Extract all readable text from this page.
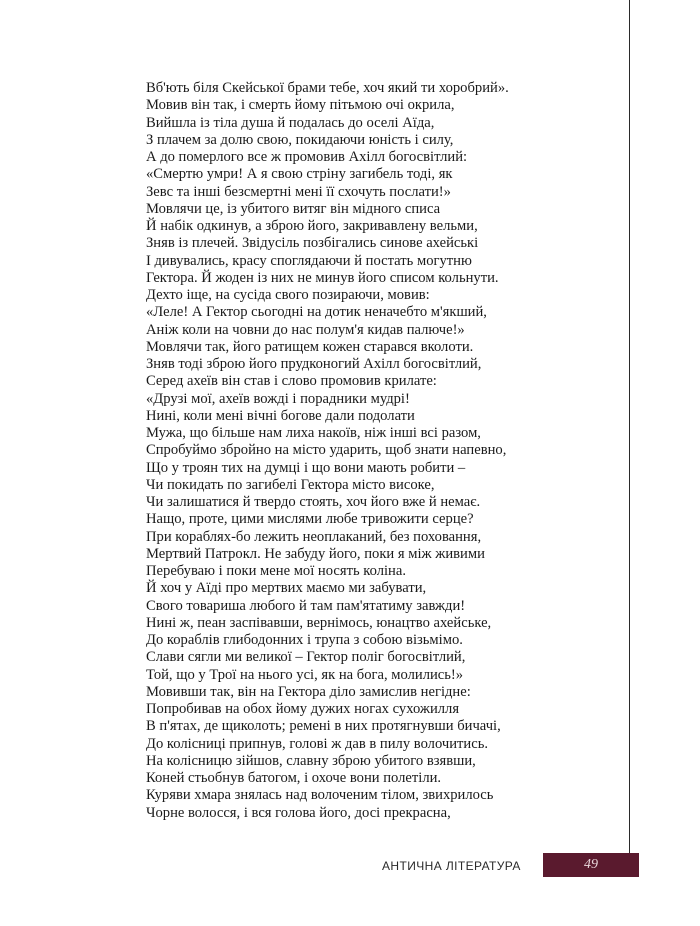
Вб'ють біля Скейської брами тебе, хоч який ти хоробрий».
Мовив він так, і смерть йому пітьмою очі окрила,
Вийшла із тіла душа й подалась до оселі Аїда,
З плачем за долю свою, покидаючи юність і силу,
А до померлого все ж промовив Ахілл богосвітлий:
«Смертю умри! А я свою стріну загибель тоді, як
Зевс та інші безсмертні мені її схочуть послати!»
Мовлячи це, із убитого витяг він мідного списа
Й набік одкинув, а зброю його, закривавлену вельми,
Зняв із плечей. Звідусіль позбігались синове ахейські
І дивувались, красу споглядаючи й постать могутню
Гектора. Й жоден із них не минув його списом кольнути.
Дехто іще, на сусіда свого позираючи, мовив:
«Леле! А Гектор сьогодні на дотик неначебто м'якший,
Аніж коли на човни до нас полум'я кидав палюче!»
Мовлячи так, його ратищем кожен старався вколоти.
Зняв тоді зброю його прудконогий Ахілл богосвітлий,
Серед ахеїв він став і слово промовив крилате:
«Друзі мої, ахеїв вожді і порадники мудрі!
Нині, коли мені вічні богове дали подолати
Мужа, що більше нам лиха накоїв, ніж інші всі разом,
Спробуймо збройно на місто ударить, щоб знати напевно,
Що у троян тих на думці і що вони мають робити –
Чи покидать по загибелі Гектора місто високе,
Чи залишатися й твердо стоять, хоч його вже й немає.
Нащо, проте, цими мислями любе тривожити серце?
При кораблях-бо лежить неоплаканий, без поховання,
Мертвий Патрокл. Не забуду його, поки я між живими
Перебуваю і поки мене мої носять коліна.
Й хоч у Аїді про мертвих маємо ми забувати,
Свого товариша любого й там пам'ятатиму завжди!
Нині ж, пеан заспівавши, вернімось, юнацтво ахейське,
До кораблів глибодонних і трупа з собою візьмімо.
Слави сягли ми великої – Гектор поліг богосвітлий,
Той, що у Трої на нього усі, як на бога, молились!»
Мовивши так, він на Гектора діло замислив негідне:
Попробивав на обох йому дужих ногах сухожилля
В п'ятах, де щиколоть; ремені в них протягнувши бичачі,
До колісниці припнув, голові ж дав в пилу волочитись.
На колісницю зійшов, славну зброю убитого взявши,
Коней стьобнув батогом, і охоче вони полетіли.
Куряви хмара знялась над волоченим тілом, звихрилось
Чорне волосся, і вся голова його, досі прекрасна,
АНТИЧНА ЛІТЕРАТУРА	49
